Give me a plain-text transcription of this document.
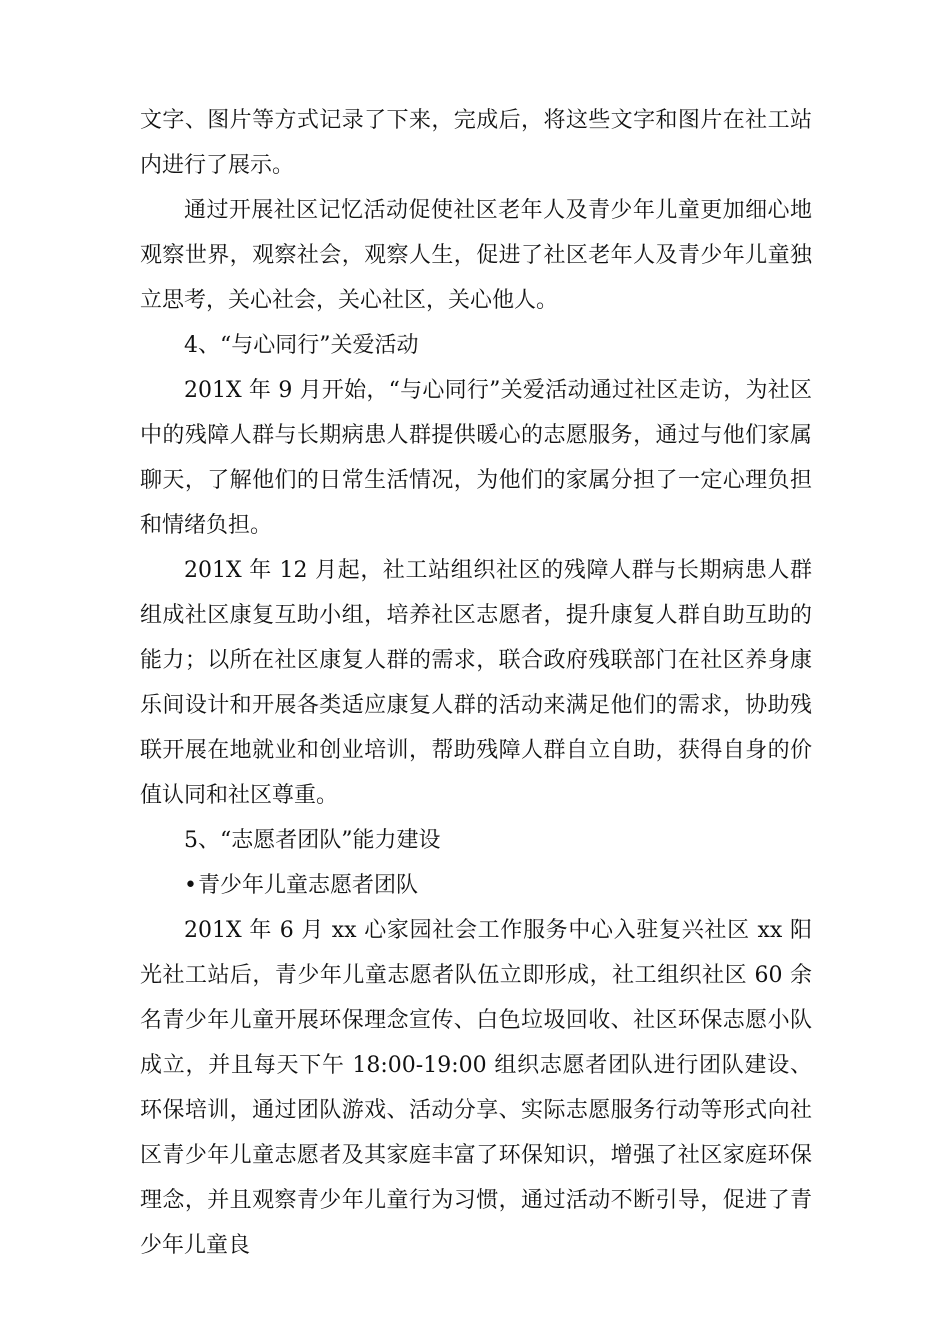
文字、图片等方式记录了下来，完成后，将这些文字和图片在社工站内进行了展示。

通过开展社区记忆活动促使社区老年人及青少年儿童更加细心地观察世界，观察社会，观察人生，促进了社区老年人及青少年儿童独立思考，关心社会，关心社区，关心他人。

4、“与心同行”关爱活动

201X 年 9 月开始，“与心同行”关爱活动通过社区走访，为社区中的残障人群与长期病患人群提供暖心的志愿服务，通过与他们家属聊天，了解他们的日常生活情况，为他们的家属分担了一定心理负担和情绪负担。

201X 年 12 月起，社工站组织社区的残障人群与长期病患人群组成社区康复互助小组，培养社区志愿者，提升康复人群自助互助的能力；以所在社区康复人群的需求，联合政府残联部门在社区养身康乐间设计和开展各类适应康复人群的活动来满足他们的需求，协助残联开展在地就业和创业培训，帮助残障人群自立自助，获得自身的价值认同和社区尊重。

5、“志愿者团队”能力建设

•青少年儿童志愿者团队

201X 年 6 月 xx 心家园社会工作服务中心入驻复兴社区 xx 阳光社工站后，青少年儿童志愿者队伍立即形成，社工组织社区 60 余名青少年儿童开展环保理念宣传、白色垃圾回收、社区环保志愿小队成立，并且每天下午 18:00-19:00 组织志愿者团队进行团队建设、环保培训，通过团队游戏、活动分享、实际志愿服务行动等形式向社区青少年儿童志愿者及其家庭丰富了环保知识，增强了社区家庭环保理念，并且观察青少年儿童行为习惯，通过活动不断引导，促进了青少年儿童良
